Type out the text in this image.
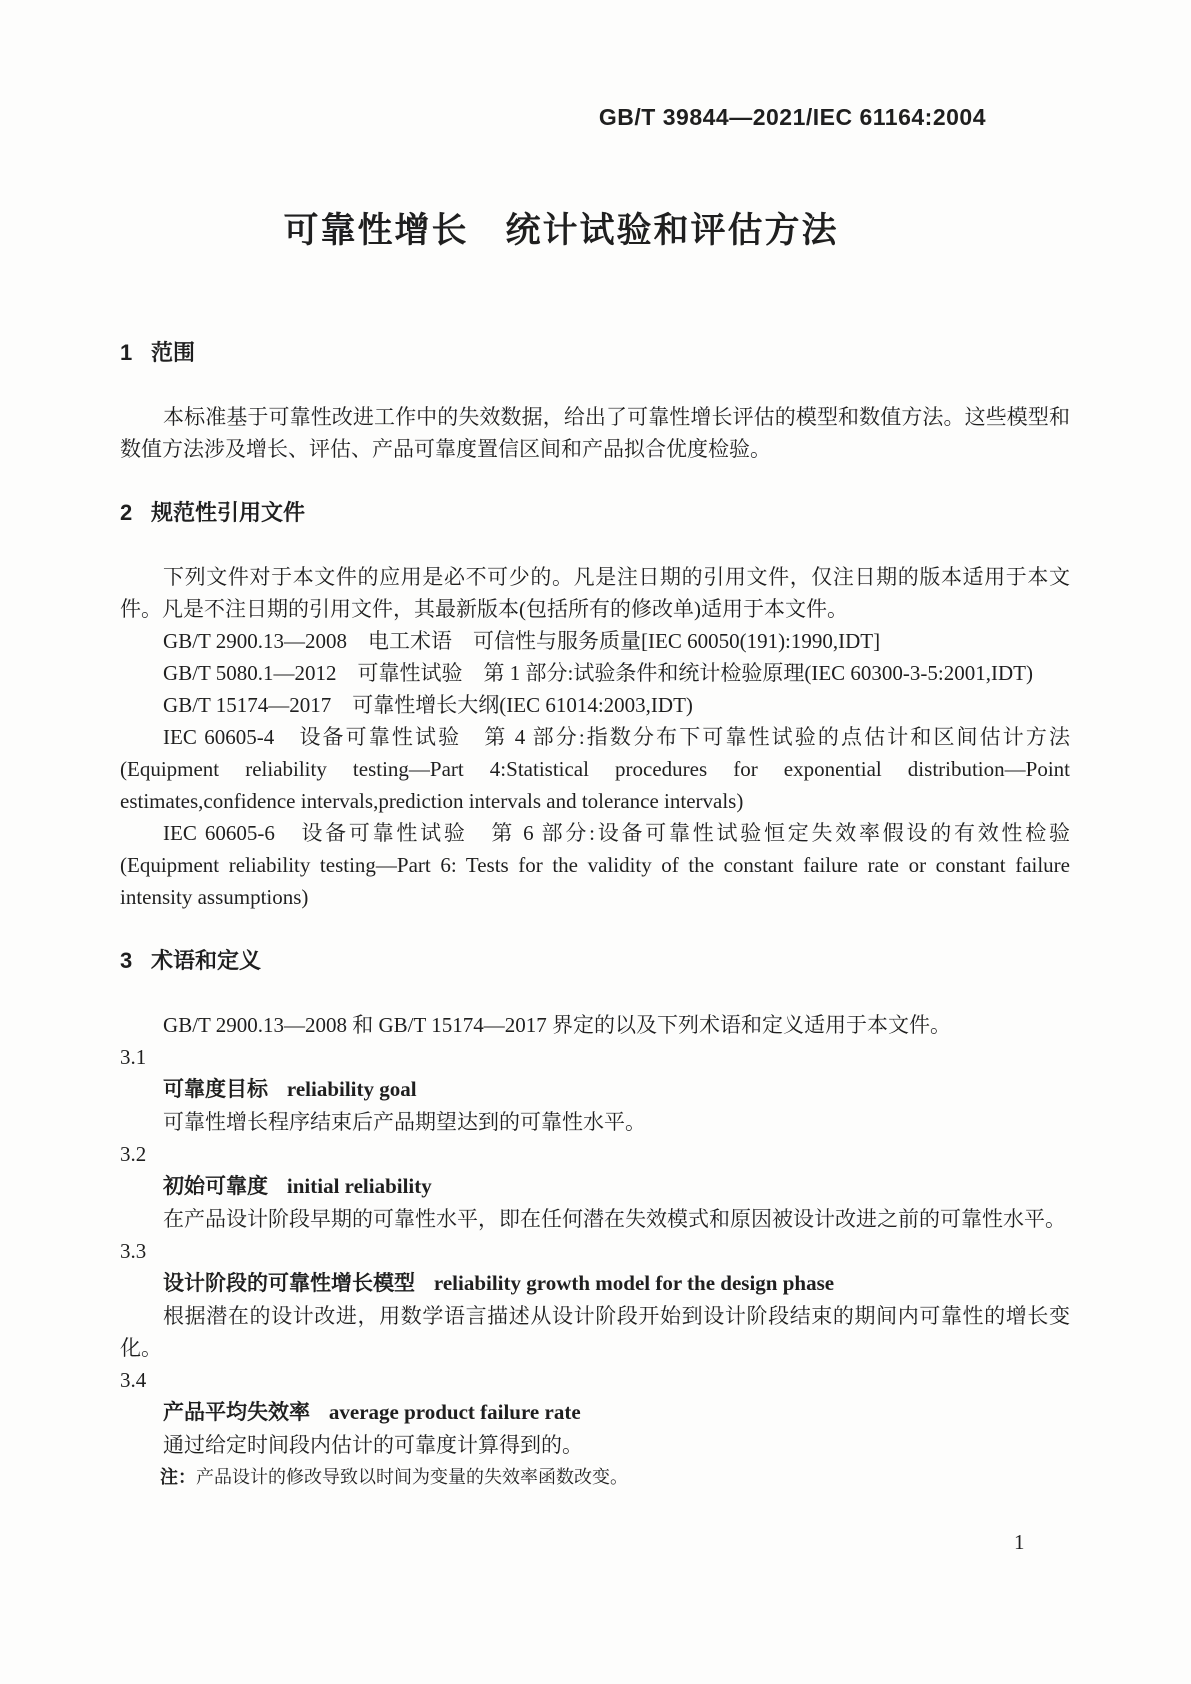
GB/T 39844—2021/IEC 61164:2004
可靠性增长　统计试验和评估方法
1 范围

本标准基于可靠性改进工作中的失效数据，给出了可靠性增长评估的模型和数值方法。这些模型和数值方法涉及增长、评估、产品可靠度置信区间和产品拟合优度检验。

2 规范性引用文件

下列文件对于本文件的应用是必不可少的。凡是注日期的引用文件，仅注日期的版本适用于本文件。凡是不注日期的引用文件，其最新版本(包括所有的修改单)适用于本文件。

GB/T 2900.13—2008　电工术语　可信性与服务质量[IEC 60050(191):1990,IDT]

GB/T 5080.1—2012　可靠性试验　第 1 部分:试验条件和统计检验原理(IEC 60300-3-5:2001,IDT)

GB/T 15174—2017　可靠性增长大纲(IEC 61014:2003,IDT)

IEC 60605-4　设备可靠性试验　第 4 部分:指数分布下可靠性试验的点估计和区间估计方法(Equipment reliability testing—Part 4:Statistical procedures for exponential distribution—Point estimates,confidence intervals,prediction intervals and tolerance intervals)

IEC 60605-6　设备可靠性试验　第 6 部分:设备可靠性试验恒定失效率假设的有效性检验(Equipment reliability testing—Part 6: Tests for the validity of the constant failure rate or constant failure intensity assumptions)

3 术语和定义

GB/T 2900.13—2008 和 GB/T 15174—2017 界定的以及下列术语和定义适用于本文件。

3.1

可靠度目标 reliability goal

可靠性增长程序结束后产品期望达到的可靠性水平。

3.2

初始可靠度 initial reliability

在产品设计阶段早期的可靠性水平，即在任何潜在失效模式和原因被设计改进之前的可靠性水平。

3.3

设计阶段的可靠性增长模型 reliability growth model for the design phase

根据潜在的设计改进，用数学语言描述从设计阶段开始到设计阶段结束的期间内可靠性的增长变化。

3.4

产品平均失效率 average product failure rate

通过给定时间段内估计的可靠度计算得到的。

注：产品设计的修改导致以时间为变量的失效率函数改变。

1
